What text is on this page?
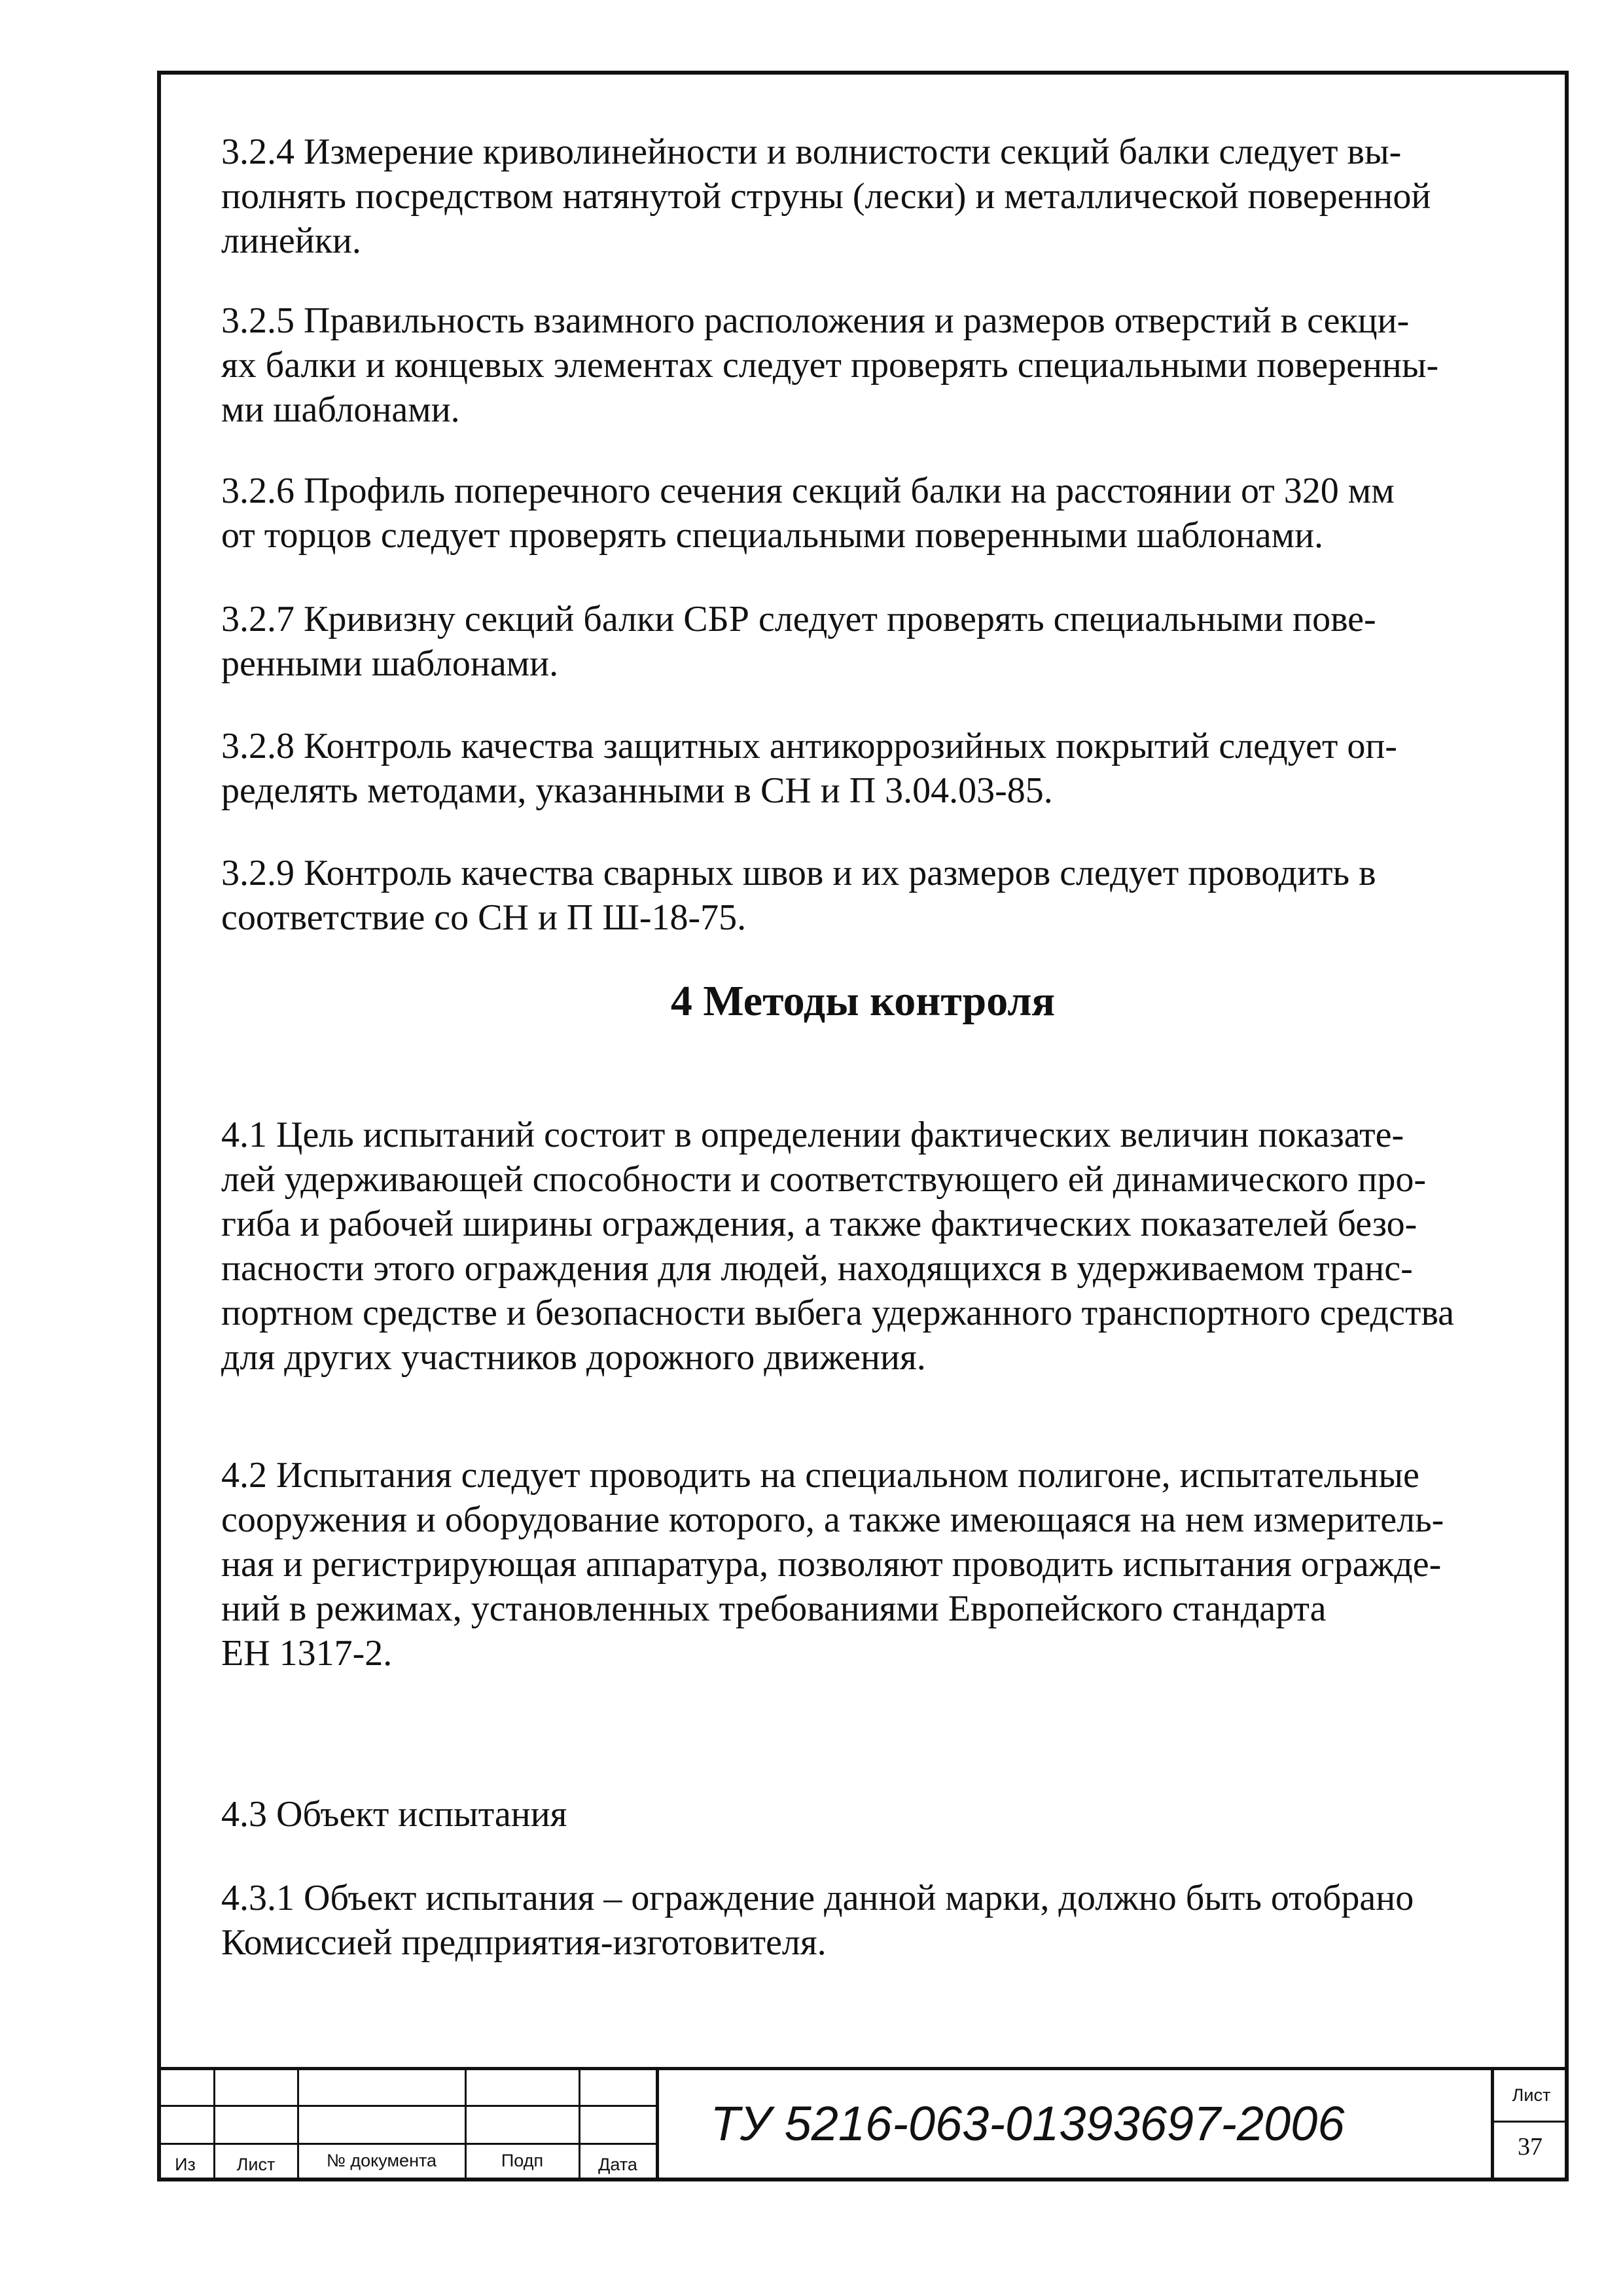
3.2.4 Измерение криволинейности и волнистости секций балки следует вы-
полнять посредством натянутой струны (лески) и металлической поверенной
линейки.

3.2.5 Правильность взаимного расположения и размеров отверстий в секци-
ях балки и концевых элементах следует проверять специальными поверенны-
ми шаблонами.

3.2.6 Профиль поперечного сечения секций балки на расстоянии от 320 мм
от торцов следует проверять специальными поверенными шаблонами.

3.2.7 Кривизну секций балки СБР следует проверять специальными пове-
ренными шаблонами.

3.2.8 Контроль качества защитных антикоррозийных покрытий следует оп-
ределять методами, указанными в СН и П 3.04.03-85.

3.2.9 Контроль качества сварных швов и их размеров следует проводить в
соответствие со СН и П Ш-18-75.

4 Методы контроля

4.1 Цель испытаний состоит в определении фактических величин показате-
лей удерживающей способности и соответствующего ей динамического про-
гиба и рабочей ширины ограждения, а также фактических показателей безо-
пасности этого ограждения для людей, находящихся в удерживаемом транс-
портном средстве и безопасности выбега удержанного транспортного средства
для других участников дорожного движения.

4.2 Испытания следует проводить на специальном полигоне, испытательные
сооружения и оборудование которого, а также имеющаяся на нем измеритель-
ная и регистрирующая аппаратура, позволяют проводить испытания огражде-
ний в режимах, установленных требованиями Европейского стандарта
ЕН 1317-2.

4.3 Объект испытания

4.3.1 Объект испытания – ограждение данной марки, должно быть отобрано
Комиссией предприятия-изготовителя.

Из	Лист	№ документа	Подп	Дата
ТУ 5216-063-01393697-2006
Лист
37
